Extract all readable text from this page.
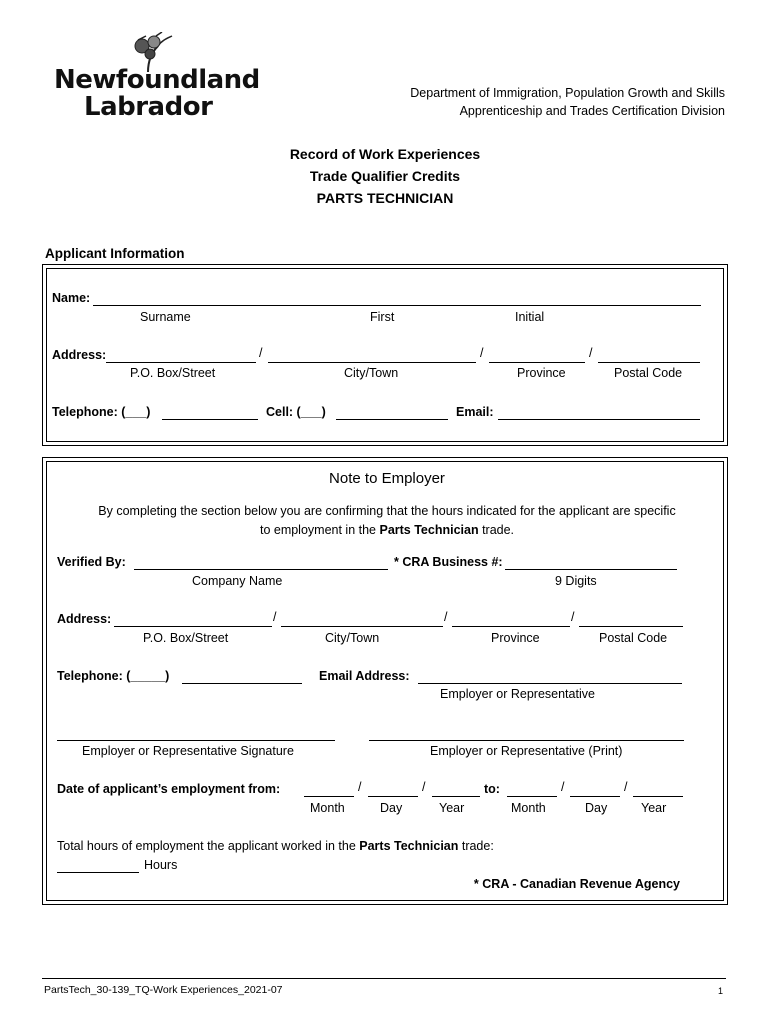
Newfoundland
Labrador	Department of Immigration, Population Growth and Skills
Apprenticeship and Trades Certification Division
Record of Work Experiences
Trade Qualifier Credits
PARTS TECHNICIAN
Applicant Information
Name:
Surname	First	Initial
Address:	/	/	/
P.O. Box/Street	City/Town	Province	Postal Code
Telephone: (___)	Cell: (___)	Email:
Note to Employer
By completing the section below you are confirming that the hours indicated for the applicant are specific
to employment in the Parts Technician trade.
Verified By:	* CRA Business #:
Company Name	9 Digits
Address:	/	/	/
P.O. Box/Street	City/Town	Province	Postal Code
Telephone: (_____)	Email Address:
Employer or Representative
Employer or Representative Signature	Employer or Representative (Print)
Date of applicant’s employment from:	/	/	to:	/	/
Month	Day	Year	Month	Day	Year
Total hours of employment the applicant worked in the Parts Technician trade:
Hours
* CRA - Canadian Revenue Agency
PartsTech_30-139_TQ-Work Experiences_2021-07	1
